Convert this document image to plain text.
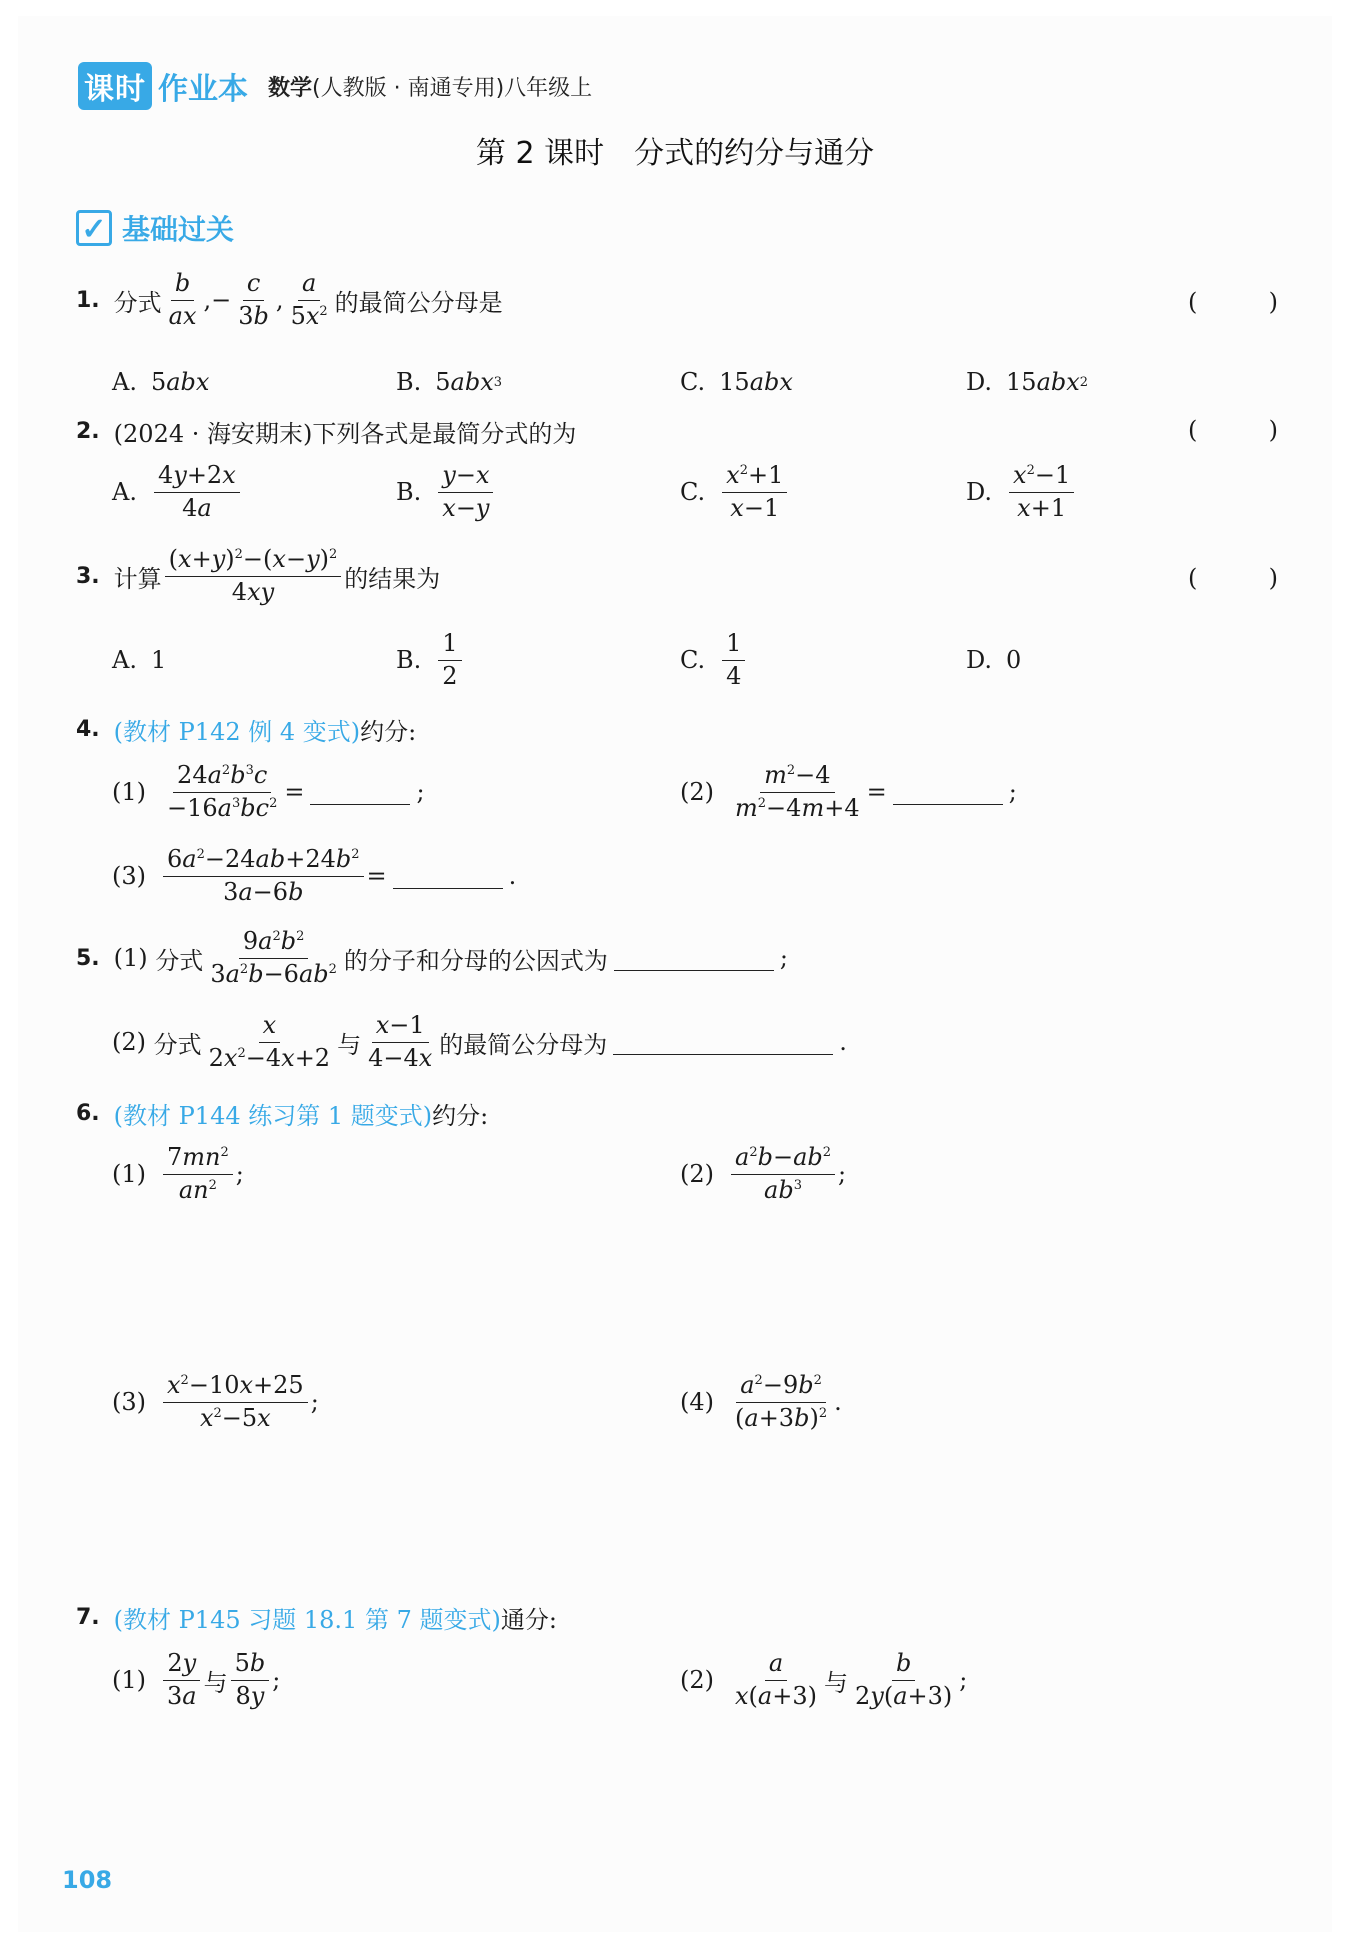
课时 作业本 数学(人教版 · 南通专用)八年级上
第 2 课时　分式的约分与通分
✓ 基础过关
1. 分式 $\frac{b}{ax}$ ,− $\frac{c}{3b}$ , $\frac{a}{5x^2}$ 的最简公分母是	(	)
A. 5 abx	B. 5 abx 3	C. 15 abx	D. 15 abx 2
2. (2024 · 海安期末)下列各式是最简分式的为	(	)
A. $\frac{4y+2x}{4a}$	B. $\frac{y-x}{x-y}$	C. $\frac{x^2+1}{x-1}$	D. $\frac{x^2-1}{x+1}$
3. 计算 $\frac{(x+y)^2-(x-y)^2}{4xy}$ 的结果为	(	)
A. 1	B. $\frac{1}{2}$	C. $\frac{1}{4}$	D. 0
4. (教材 P142 例 4 变式) 约分:
$(1) \frac{24a^2b^3c}{-16a^3bc^2}$ =	;	$(2) \frac{m^2-4}{m^2-4m+4}$ =	;
$(3) \frac{6a^2-24ab+24b^2}{3a-6b}$ =	.
5. (1)
分式 $\frac{9a^2b^2}{3a^2b-6ab^2}$ 的分子和分母的公因式为	;
(2)
分式 $\frac{x}{2x^2-4x+2}$ 与 $\frac{x-1}{4-4x}$ 的最简公分母为	.
6. (教材 P144 练习第 1 题变式) 约分:
$(1) \frac{7mn^2}{an^2}$ ;	$(2) \frac{a^2b-ab^2}{ab^3}$ ;
$(3) \frac{x^2-10x+25}{x^2-5x}$ ;	$(4) \frac{a^2-9b^2}{(a+3b)^2}$ .
7. (教材 P145 习题 18.1 第 7 题变式) 通分:
$(1) \frac{2y}{3a}$ 与 $\frac{5b}{8y}$ ;	$(2) \frac{a}{x(a+3)}$ 与 $\frac{b}{2y(a+3)}$ ;
108
